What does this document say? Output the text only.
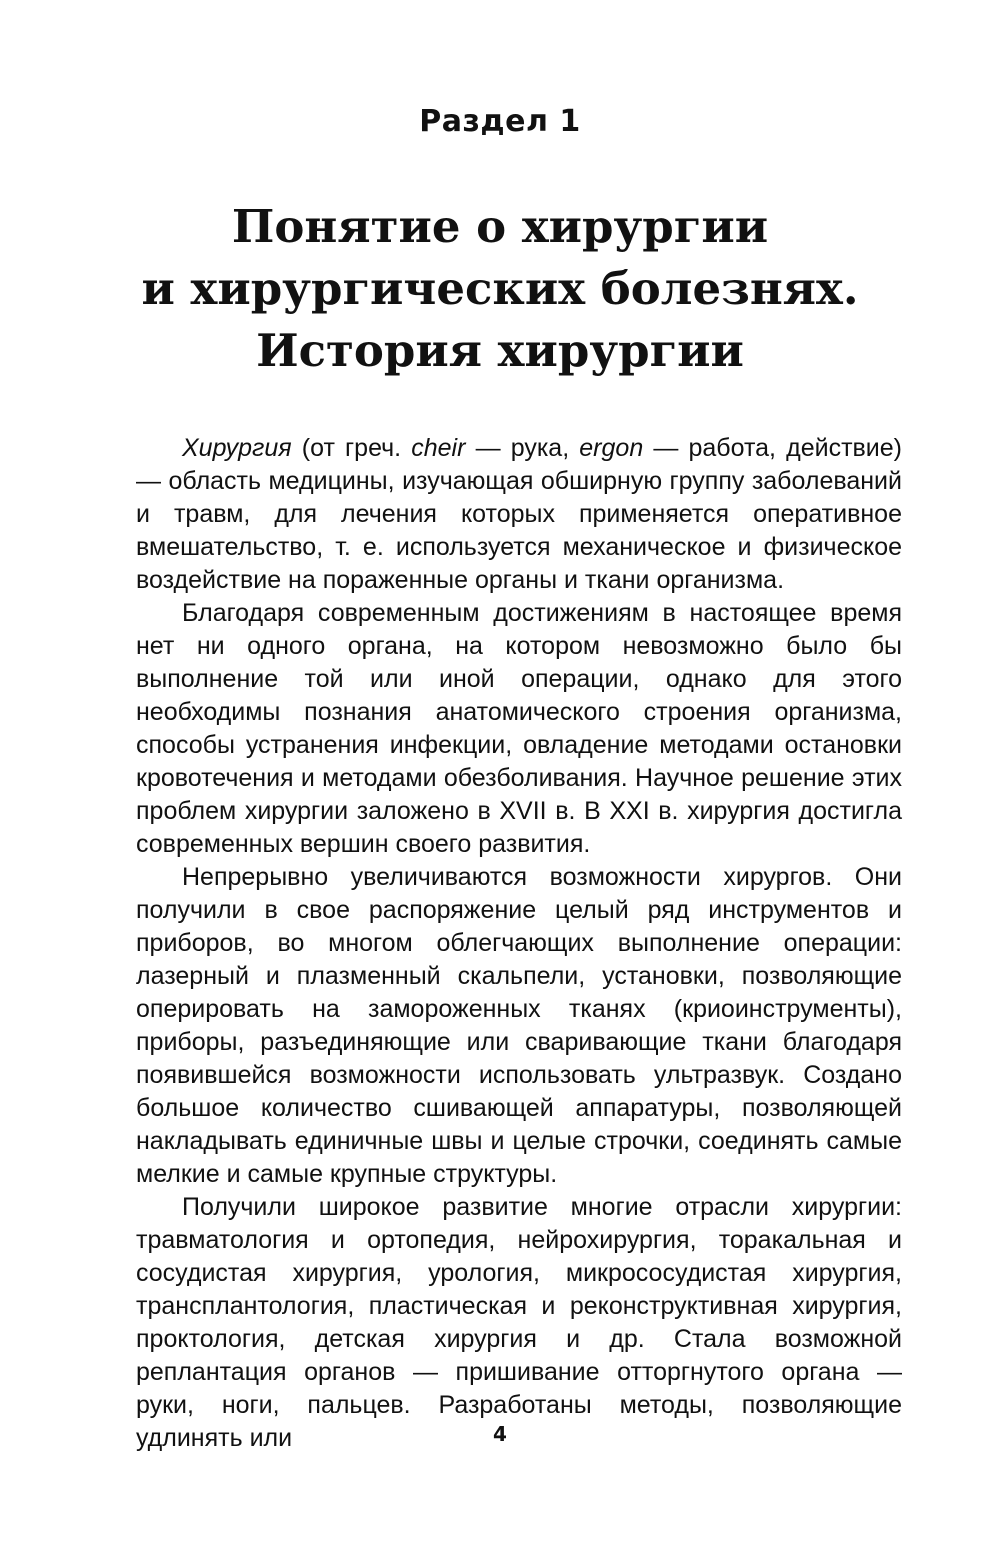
Раздел 1
Понятие о хирургии
и хирургических болезнях.
История хирургии

Хирургия (от греч. cheir — рука, ergon — работа, действие) — область медицины, изучающая обширную группу заболеваний и травм, для лечения которых применяется оперативное вмешательство, т. е. используется механическое и физическое воздействие на пораженные органы и ткани организма.

Благодаря современным достижениям в настоящее время нет ни одного органа, на котором невозможно было бы выполнение той или иной операции, однако для этого необходимы познания анатомического строения организма, способы устранения инфекции, овладение методами остановки кровотечения и методами обезболивания. Научное решение этих проблем хирургии заложено в XVII в. В XXI в. хирургия достигла современных вершин своего развития.

Непрерывно увеличиваются возможности хирургов. Они получили в свое распоряжение целый ряд инструментов и приборов, во многом облегчающих выполнение операции: лазерный и плазменный скальпели, установки, позволяющие оперировать на замороженных тканях (криоинструменты), приборы, разъединяющие или сваривающие ткани благодаря появившейся возможности использовать ультразвук. Создано большое количество сшивающей аппаратуры, позволяющей накладывать единичные швы и целые строчки, соединять самые мелкие и самые крупные структуры.

Получили широкое развитие многие отрасли хирургии: травматология и ортопедия, нейрохирургия, торакальная и сосудистая хирургия, урология, микрососудистая хирургия, трансплантология, пластическая и реконструктивная хирургия, проктология, детская хирургия и др. Стала возможной реплантация органов — пришивание отторгнутого органа — руки, ноги, пальцев. Разработаны методы, позволяющие удлинять или	4
